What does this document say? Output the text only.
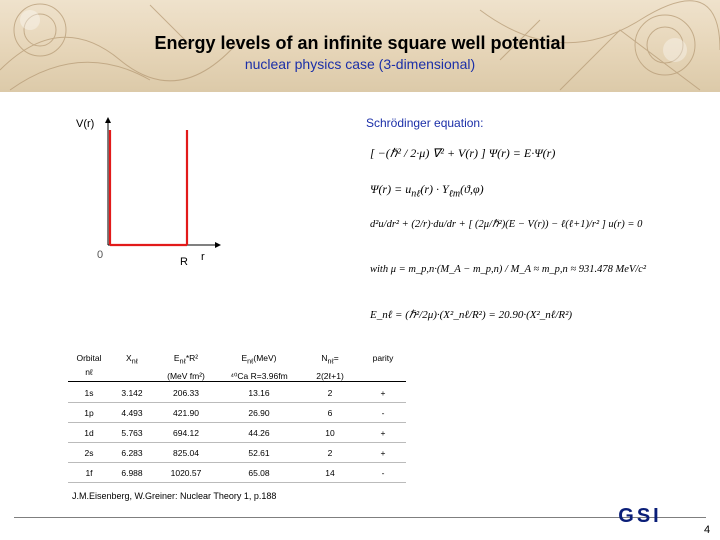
Energy levels of an infinite square well potential
nuclear physics case (3-dimensional)
V(r)
0
R r
Schrödinger equation:
[ −(ℏ² / 2·μ) ∇² + V(r) ] Ψ(r) = E·Ψ(r)
$\Psi(r) = u_{n\ell}(r) \cdot Y_{\ell m}(ϑ,\varphi)$
d²u/dr² + (2/r)·du/dr + [ (2μ/ℏ²)(E − V(r)) − ℓ(ℓ+1)/r² ] u(r) = 0
with μ = m_p,n·(M_A − m_p,n) / M_A ≈ m_p,n ≈ 931.478 MeV/c²
E_nℓ = (ℏ²/2μ)·(X²_nℓ/R²) = 20.90·(X²_nℓ/R²)
Orbital
nℓ
$X_{n\ell}$	$E_{n\ell}*R^2$
(MeV fm²)
$E_{n\ell}(MeV)$
⁴⁰Ca R=3.96fm
$N_{n\ell}=$
2(2ℓ+1)
parity
1s	3.142	206.33	13.16	2	+
1p	4.493	421.90	26.90	6	-
1d	5.763	694.12	44.26	10	+
2s	6.283	825.04	52.61	2	+
1f	6.988	1020.57	65.08	14	-
J.M.Eisenberg, W.Greiner: Nuclear Theory 1, p.188
GSI
4
